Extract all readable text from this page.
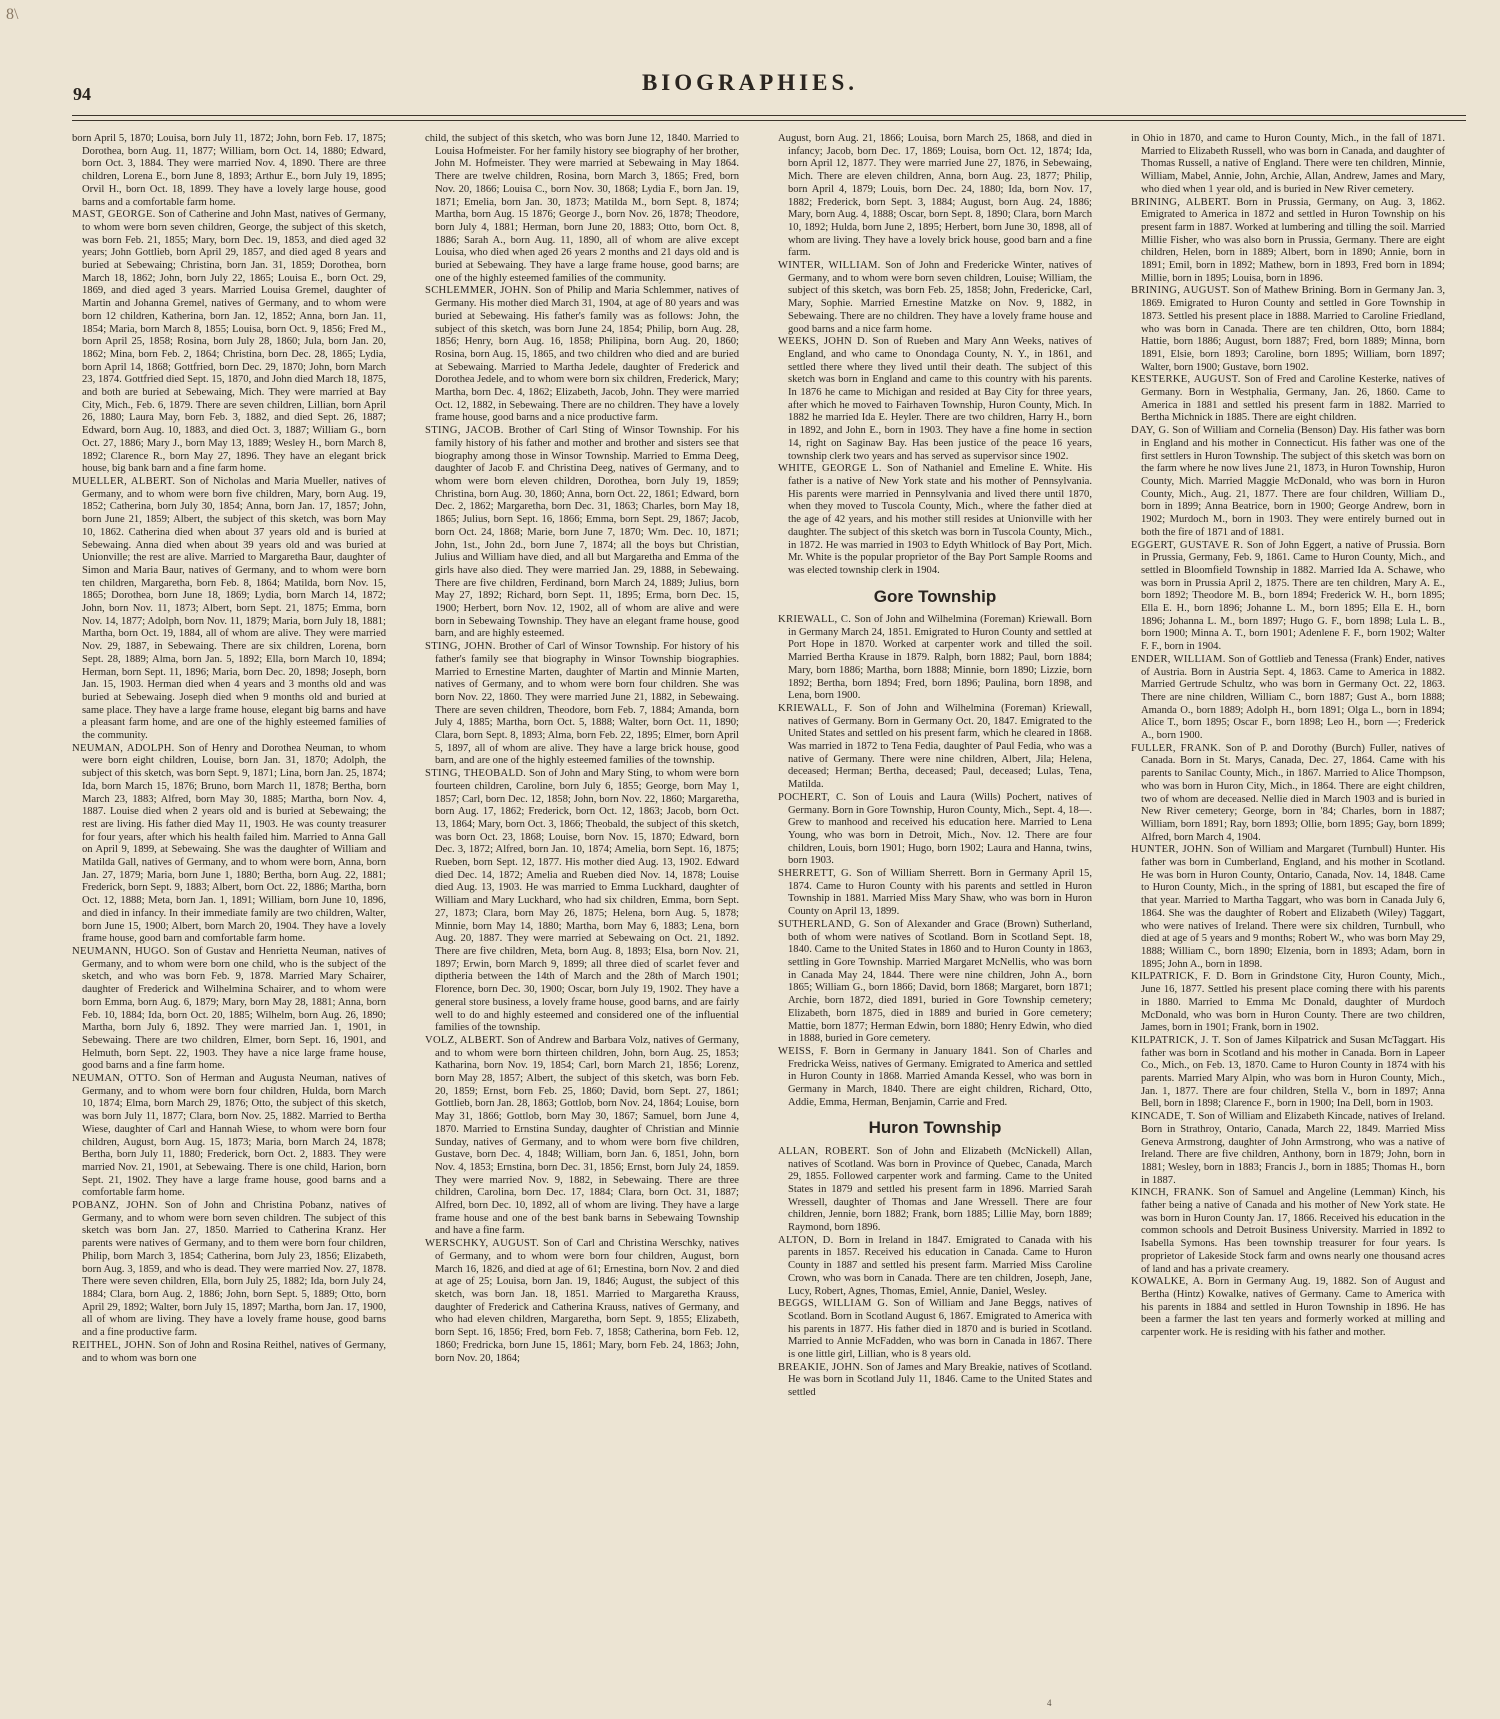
8\
94	BIOGRAPHIES.

born April 5, 1870; Louisa, born July 11, 1872; John, born Feb. 17, 1875; Dorothea, born Aug. 11, 1877; William, born Oct. 14, 1880; Edward, born Oct. 3, 1884. They were married Nov. 4, 1890. There are three children, Lorena E., born June 8, 1893; Arthur E., born July 19, 1895; Orvil H., born Oct. 18, 1899. They have a lovely large house, good barns and a comfortable farm home.

MAST, GEORGE. Son of Catherine and John Mast, natives of Germany, to whom were born seven children, George, the subject of this sketch, was born Feb. 21, 1855; Mary, born Dec. 19, 1853, and died aged 32 years; John Gottlieb, born April 29, 1857, and died aged 8 years and buried at Sebewaing; Christina, born Jan. 31, 1859; Dorothea, born March 18, 1862; John, born July 22, 1865; Louisa E., born Oct. 29, 1869, and died aged 3 years. Married Louisa Gremel, daughter of Martin and Johanna Gremel, natives of Germany, and to whom were born 12 children, Katherina, born Jan. 12, 1852; Anna, born Jan. 11, 1854; Maria, born March 8, 1855; Louisa, born Oct. 9, 1856; Fred M., born April 25, 1858; Rosina, born July 28, 1860; Jula, born Jan. 20, 1862; Mina, born Feb. 2, 1864; Christina, born Dec. 28, 1865; Lydia, born April 14, 1868; Gottfried, born Dec. 29, 1870; John, born March 23, 1874. Gottfried died Sept. 15, 1870, and John died March 18, 1875, and both are buried at Sebewaing, Mich. They were married at Bay City, Mich., Feb. 6, 1879. There are seven children, Lillian, born April 26, 1880; Laura May, born Feb. 3, 1882, and died Sept. 26, 1887; Edward, born Aug. 10, 1883, and died Oct. 3, 1887; William G., born Oct. 27, 1886; Mary J., born May 13, 1889; Wesley H., born March 8, 1892; Clarence R., born May 27, 1896. They have an elegant brick house, big bank barn and a fine farm home.

MUELLER, ALBERT. Son of Nicholas and Maria Mueller, natives of Germany, and to whom were born five children, Mary, born Aug. 19, 1852; Catherina, born July 30, 1854; Anna, born Jan. 17, 1857; John, born June 21, 1859; Albert, the subject of this sketch, was born May 10, 1862. Catherina died when about 37 years old and is buried at Sebewaing. Anna died when about 39 years old and was buried at Unionville; the rest are alive. Married to Margaretha Baur, daughter of Simon and Maria Baur, natives of Germany, and to whom were born ten children, Margaretha, born Feb. 8, 1864; Matilda, born Nov. 15, 1865; Dorothea, born June 18, 1869; Lydia, born March 14, 1872; John, born Nov. 11, 1873; Albert, born Sept. 21, 1875; Emma, born Nov. 14, 1877; Adolph, born Nov. 11, 1879; Maria, born July 18, 1881; Martha, born Oct. 19, 1884, all of whom are alive. They were married Nov. 29, 1887, in Sebewaing. There are six children, Lorena, born Sept. 28, 1889; Alma, born Jan. 5, 1892; Ella, born March 10, 1894; Herman, born Sept. 11, 1896; Maria, born Dec. 20, 1898; Joseph, born Jan. 15, 1903. Herman died when 4 years and 3 months old and was buried at Sebewaing. Joseph died when 9 months old and buried at same place. They have a large frame house, elegant big barns and have a pleasant farm home, and are one of the highly esteemed families of the community.

NEUMAN, ADOLPH. Son of Henry and Dorothea Neuman, to whom were born eight children, Louise, born Jan. 31, 1870; Adolph, the subject of this sketch, was born Sept. 9, 1871; Lina, born Jan. 25, 1874; Ida, born March 15, 1876; Bruno, born March 11, 1878; Bertha, born March 23, 1883; Alfred, born May 30, 1885; Martha, born Nov. 4, 1887. Louise died when 2 years old and is buried at Sebewaing; the rest are living. His father died May 11, 1903. He was county treasurer for four years, after which his health failed him. Married to Anna Gall on April 9, 1899, at Sebewaing. She was the daughter of William and Matilda Gall, natives of Germany, and to whom were born, Anna, born Jan. 27, 1879; Maria, born June 1, 1880; Bertha, born Aug. 22, 1881; Frederick, born Sept. 9, 1883; Albert, born Oct. 22, 1886; Martha, born Oct. 12, 1888; Meta, born Jan. 1, 1891; William, born June 10, 1896, and died in infancy. In their immediate family are two children, Walter, born June 15, 1900; Albert, born March 20, 1904. They have a lovely frame house, good barn and comfortable farm home.

NEUMANN, HUGO. Son of Gustav and Henrietta Neuman, natives of Germany, and to whom were born one child, who is the subject of the sketch, and who was born Feb. 9, 1878. Married Mary Schairer, daughter of Frederick and Wilhelmina Schairer, and to whom were born Emma, born Aug. 6, 1879; Mary, born May 28, 1881; Anna, born Feb. 10, 1884; Ida, born Oct. 20, 1885; Wilhelm, born Aug. 26, 1890; Martha, born July 6, 1892. They were married Jan. 1, 1901, in Sebewaing. There are two children, Elmer, born Sept. 16, 1901, and Helmuth, born Sept. 22, 1903. They have a nice large frame house, good barns and a fine farm home.

NEUMAN, OTTO. Son of Herman and Augusta Neuman, natives of Germany, and to whom were born four children, Hulda, born March 10, 1874; Elma, born March 29, 1876; Otto, the subject of this sketch, was born July 11, 1877; Clara, born Nov. 25, 1882. Married to Bertha Wiese, daughter of Carl and Hannah Wiese, to whom were born four children, August, born Aug. 15, 1873; Maria, born March 24, 1878; Bertha, born July 11, 1880; Frederick, born Oct. 2, 1883. They were married Nov. 21, 1901, at Sebewaing. There is one child, Harion, born Sept. 21, 1902. They have a large frame house, good barns and a comfortable farm home.

POBANZ, JOHN. Son of John and Christina Pobanz, natives of Germany, and to whom were born seven children. The subject of this sketch was born Jan. 27, 1850. Married to Catherina Kranz. Her parents were natives of Germany, and to them were born four children, Philip, born March 3, 1854; Catherina, born July 23, 1856; Elizabeth, born Aug. 3, 1859, and who is dead. They were married Nov. 27, 1878. There were seven children, Ella, born July 25, 1882; Ida, born July 24, 1884; Clara, born Aug. 2, 1886; John, born Sept. 5, 1889; Otto, born April 29, 1892; Walter, born July 15, 1897; Martha, born Jan. 17, 1900, all of whom are living. They have a lovely frame house, good barns and a fine productive farm.

REITHEL, JOHN. Son of John and Rosina Reithel, natives of Germany, and to whom was born one

child, the subject of this sketch, who was born June 12, 1840. Married to Louisa Hofmeister. For her family history see biography of her brother, John M. Hofmeister. They were married at Sebewaing in May 1864. There are twelve children, Rosina, born March 3, 1865; Fred, born Nov. 20, 1866; Louisa C., born Nov. 30, 1868; Lydia F., born Jan. 19, 1871; Emelia, born Jan. 30, 1873; Matilda M., born Sept. 8, 1874; Martha, born Aug. 15 1876; George J., born Nov. 26, 1878; Theodore, born July 4, 1881; Herman, born June 20, 1883; Otto, born Oct. 8, 1886; Sarah A., born Aug. 11, 1890, all of whom are alive except Louisa, who died when aged 26 years 2 months and 21 days old and is buried at Sebewaing. They have a large frame house, good barns; are one of the highly esteemed families of the community.

SCHLEMMER, JOHN. Son of Philip and Maria Schlemmer, natives of Germany. His mother died March 31, 1904, at age of 80 years and was buried at Sebewaing. His father's family was as follows: John, the subject of this sketch, was born June 24, 1854; Philip, born Aug. 28, 1856; Henry, born Aug. 16, 1858; Philipina, born Aug. 20, 1860; Rosina, born Aug. 15, 1865, and two children who died and are buried at Sebewaing. Married to Martha Jedele, daughter of Frederick and Dorothea Jedele, and to whom were born six children, Frederick, Mary; Martha, born Dec. 4, 1862; Elizabeth, Jacob, John. They were married Oct. 12, 1882, in Sebewaing. There are no children. They have a lovely frame house, good barns and a nice productive farm.

STING, JACOB. Brother of Carl Sting of Winsor Township. For his family history of his father and mother and brother and sisters see that biography among those in Winsor Township. Married to Emma Deeg, daughter of Jacob F. and Christina Deeg, natives of Germany, and to whom were born eleven children, Dorothea, born July 19, 1859; Christina, born Aug. 30, 1860; Anna, born Oct. 22, 1861; Edward, born Dec. 2, 1862; Margaretha, born Dec. 31, 1863; Charles, born May 18, 1865; Julius, born Sept. 16, 1866; Emma, born Sept. 29, 1867; Jacob, born Oct. 24, 1868; Marie, born June 7, 1870; Wm. Dec. 10, 1871; John, 1st., John 2d., born June 7, 1874; all the boys but Christian, Julius and William have died, and all but Margaretha and Emma of the girls have also died. They were married Jan. 29, 1888, in Sebewaing. There are five children, Ferdinand, born March 24, 1889; Julius, born May 27, 1892; Richard, born Sept. 11, 1895; Erma, born Dec. 15, 1900; Herbert, born Nov. 12, 1902, all of whom are alive and were born in Sebewaing Township. They have an elegant frame house, good barn, and are highly esteemed.

STING, JOHN. Brother of Carl of Winsor Township. For history of his father's family see that biography in Winsor Township biographies. Married to Ernestine Marten, daughter of Martin and Minnie Marten, natives of Germany, and to whom were born four children. She was born Nov. 22, 1860. They were married June 21, 1882, in Sebewaing. There are seven children, Theodore, born Feb. 7, 1884; Amanda, born July 4, 1885; Martha, born Oct. 5, 1888; Walter, born Oct. 11, 1890; Clara, born Sept. 8, 1893; Alma, born Feb. 22, 1895; Elmer, born April 5, 1897, all of whom are alive. They have a large brick house, good barn, and are one of the highly esteemed families of the township.

STING, THEOBALD. Son of John and Mary Sting, to whom were born fourteen children, Caroline, born July 6, 1855; George, born May 1, 1857; Carl, born Dec. 12, 1858; John, born Nov. 22, 1860; Margaretha, born Aug. 17, 1862; Frederick, born Oct. 12, 1863; Jacob, born Oct. 13, 1864; Mary, born Oct. 3, 1866; Theobald, the subject of this sketch, was born Oct. 23, 1868; Louise, born Nov. 15, 1870; Edward, born Dec. 3, 1872; Alfred, born Jan. 10, 1874; Amelia, born Sept. 16, 1875; Rueben, born Sept. 12, 1877. His mother died Aug. 13, 1902. Edward died Dec. 14, 1872; Amelia and Rueben died Nov. 14, 1878; Louise died Aug. 13, 1903. He was married to Emma Luckhard, daughter of William and Mary Luckhard, who had six children, Emma, born Sept. 27, 1873; Clara, born May 26, 1875; Helena, born Aug. 5, 1878; Minnie, born May 14, 1880; Martha, born May 6, 1883; Lena, born Aug. 20, 1887. They were married at Sebewaing on Oct. 21, 1892. There are five children, Meta, born Aug. 8, 1893; Elsa, born Nov. 21, 1897; Erwin, born March 9, 1899; all three died of scarlet fever and diptheria between the 14th of March and the 28th of March 1901; Florence, born Dec. 30, 1900; Oscar, born July 19, 1902. They have a general store business, a lovely frame house, good barns, and are fairly well to do and highly esteemed and considered one of the influential families of the township.

VOLZ, ALBERT. Son of Andrew and Barbara Volz, natives of Germany, and to whom were born thirteen children, John, born Aug. 25, 1853; Katharina, born Nov. 19, 1854; Carl, born March 21, 1856; Lorenz, born May 28, 1857; Albert, the subject of this sketch, was born Feb. 20, 1859; Ernst, born Feb. 25, 1860; David, born Sept. 27, 1861; Gottlieb, born Jan. 28, 1863; Gottlob, born Nov. 24, 1864; Louise, born May 31, 1866; Gottlob, born May 30, 1867; Samuel, born June 4, 1870. Married to Ernstina Sunday, daughter of Christian and Minnie Sunday, natives of Germany, and to whom were born five children, Gustave, born Dec. 4, 1848; William, born Jan. 6, 1851, John, born Nov. 4, 1853; Ernstina, born Dec. 31, 1856; Ernst, born July 24, 1859. They were married Nov. 9, 1882, in Sebewaing. There are three children, Carolina, born Dec. 17, 1884; Clara, born Oct. 31, 1887; Alfred, born Dec. 10, 1892, all of whom are living. They have a large frame house and one of the best bank barns in Sebewaing Township and have a fine farm.

WERSCHKY, AUGUST. Son of Carl and Christina Werschky, natives of Germany, and to whom were born four children, August, born March 16, 1826, and died at age of 61; Ernestina, born Nov. 2 and died at age of 25; Louisa, born Jan. 19, 1846; August, the subject of this sketch, was born Jan. 18, 1851. Married to Margaretha Krauss, daughter of Frederick and Catherina Krauss, natives of Germany, and who had eleven children, Margaretha, born Sept. 9, 1855; Elizabeth, born Sept. 16, 1856; Fred, born Feb. 7, 1858; Catherina, born Feb. 12, 1860; Fredricka, born June 15, 1861; Mary, born Feb. 24, 1863; John, born Nov. 20, 1864;

August, born Aug. 21, 1866; Louisa, born March 25, 1868, and died in infancy; Jacob, born Dec. 17, 1869; Louisa, born Oct. 12, 1874; Ida, born April 12, 1877. They were married June 27, 1876, in Sebewaing, Mich. There are eleven children, Anna, born Aug. 23, 1877; Philip, born April 4, 1879; Louis, born Dec. 24, 1880; Ida, born Nov. 17, 1882; Frederick, born Sept. 3, 1884; August, born Aug. 24, 1886; Mary, born Aug. 4, 1888; Oscar, born Sept. 8, 1890; Clara, born March 10, 1892; Hulda, born June 2, 1895; Herbert, born June 30, 1898, all of whom are living. They have a lovely brick house, good barn and a fine farm.

WINTER, WILLIAM. Son of John and Fredericke Winter, natives of Germany, and to whom were born seven children, Louise; William, the subject of this sketch, was born Feb. 25, 1858; John, Fredericke, Carl, Mary, Sophie. Married Ernestine Matzke on Nov. 9, 1882, in Sebewaing. There are no children. They have a lovely frame house and good barns and a nice farm home.

WEEKS, JOHN D. Son of Rueben and Mary Ann Weeks, natives of England, and who came to Onondaga County, N. Y., in 1861, and settled there where they lived until their death. The subject of this sketch was born in England and came to this country with his parents. In 1876 he came to Michigan and resided at Bay City for three years, after which he moved to Fairhaven Township, Huron County, Mich. In 1882 he married Ida E. Heyler. There are two children, Harry H., born in 1892, and John E., born in 1903. They have a fine home in section 14, right on Saginaw Bay. Has been justice of the peace 16 years, township clerk two years and has served as supervisor since 1902.

WHITE, GEORGE L. Son of Nathaniel and Emeline E. White. His father is a native of New York state and his mother of Pennsylvania. His parents were married in Pennsylvania and lived there until 1870, when they moved to Tuscola County, Mich., where the father died at the age of 42 years, and his mother still resides at Unionville with her daughter. The subject of this sketch was born in Tuscola County, Mich., in 1872. He was married in 1903 to Edyth Whitlock of Bay Port, Mich. Mr. White is the popular proprietor of the Bay Port Sample Rooms and was elected township clerk in 1904.

Gore Township

KRIEWALL, C. Son of John and Wilhelmina (Foreman) Kriewall. Born in Germany March 24, 1851. Emigrated to Huron County and settled at Port Hope in 1870. Worked at carpenter work and tilled the soil. Married Bertha Krause in 1879. Ralph, born 1882; Paul, born 1884; Mary, born 1886; Martha, born 1888; Minnie, born 1890; Lizzie, born 1892; Bertha, born 1894; Fred, born 1896; Paulina, born 1898, and Lena, born 1900.

KRIEWALL, F. Son of John and Wilhelmina (Foreman) Kriewall, natives of Germany. Born in Germany Oct. 20, 1847. Emigrated to the United States and settled on his present farm, which he cleared in 1868. Was married in 1872 to Tena Fedia, daughter of Paul Fedia, who was a native of Germany. There were nine children, Albert, Jila; Helena, deceased; Herman; Bertha, deceased; Paul, deceased; Lulas, Tena, Matilda.

POCHERT, C. Son of Louis and Laura (Wills) Pochert, natives of Germany. Born in Gore Township, Huron County, Mich., Sept. 4, 18—. Grew to manhood and received his education here. Married to Lena Young, who was born in Detroit, Mich., Nov. 12. There are four children, Louis, born 1901; Hugo, born 1902; Laura and Hanna, twins, born 1903.

SHERRETT, G. Son of William Sherrett. Born in Germany April 15, 1874. Came to Huron County with his parents and settled in Huron Township in 1881. Married Miss Mary Shaw, who was born in Huron County on April 13, 1899.

SUTHERLAND, G. Son of Alexander and Grace (Brown) Sutherland, both of whom were natives of Scotland. Born in Scotland Sept. 18, 1840. Came to the United States in 1860 and to Huron County in 1863, settling in Gore Township. Married Margaret McNellis, who was born in Canada May 24, 1844. There were nine children, John A., born 1865; William G., born 1866; David, born 1868; Margaret, born 1871; Archie, born 1872, died 1891, buried in Gore Township cemetery; Elizabeth, born 1875, died in 1889 and buried in Gore cemetery; Mattie, born 1877; Herman Edwin, born 1880; Henry Edwin, who died in 1888, buried in Gore cemetery.

WEISS, F. Born in Germany in January 1841. Son of Charles and Fredricka Weiss, natives of Germany. Emigrated to America and settled in Huron County in 1868. Married Amanda Kessel, who was born in Germany in March, 1840. There are eight children, Richard, Otto, Addie, Emma, Herman, Benjamin, Carrie and Fred.

Huron Township

ALLAN, ROBERT. Son of John and Elizabeth (McNickell) Allan, natives of Scotland. Was born in Province of Quebec, Canada, March 29, 1855. Followed carpenter work and farming. Came to the United States in 1879 and settled his present farm in 1896. Married Sarah Wressell, daughter of Thomas and Jane Wressell. There are four children, Jennie, born 1882; Frank, born 1885; Lillie May, born 1889; Raymond, born 1896.

ALTON, D. Born in Ireland in 1847. Emigrated to Canada with his parents in 1857. Received his education in Canada. Came to Huron County in 1887 and settled his present farm. Married Miss Caroline Crown, who was born in Canada. There are ten children, Joseph, Jane, Lucy, Robert, Agnes, Thomas, Emiel, Annie, Daniel, Wesley.

BEGGS, WILLIAM G. Son of William and Jane Beggs, natives of Scotland. Born in Scotland August 6, 1867. Emigrated to America with his parents in 1877. His father died in 1870 and is buried in Scotland. Married to Annie McFadden, who was born in Canada in 1867. There is one little girl, Lillian, who is 8 years old.

BREAKIE, JOHN. Son of James and Mary Breakie, natives of Scotland. He was born in Scotland July 11, 1846. Came to the United States and settled

in Ohio in 1870, and came to Huron County, Mich., in the fall of 1871. Married to Elizabeth Russell, who was born in Canada, and daughter of Thomas Russell, a native of England. There were ten children, Minnie, William, Mabel, Annie, John, Archie, Allan, Andrew, James and Mary, who died when 1 year old, and is buried in New River cemetery.

BRINING, ALBERT. Born in Prussia, Germany, on Aug. 3, 1862. Emigrated to America in 1872 and settled in Huron Township on his present farm in 1887. Worked at lumbering and tilling the soil. Married Millie Fisher, who was also born in Prussia, Germany. There are eight children, Helen, born in 1889; Albert, born in 1890; Annie, born in 1891; Emil, born in 1892; Mathew, born in 1893, Fred born in 1894; Millie, born in 1895; Louisa, born in 1896.

BRINING, AUGUST. Son of Mathew Brining. Born in Germany Jan. 3, 1869. Emigrated to Huron County and settled in Gore Township in 1873. Settled his present place in 1888. Married to Caroline Friedland, who was born in Canada. There are ten children, Otto, born 1884; Hattie, born 1886; August, born 1887; Fred, born 1889; Minna, born 1891, Elsie, born 1893; Caroline, born 1895; William, born 1897; Walter, born 1900; Gustave, born 1902.

KESTERKE, AUGUST. Son of Fred and Caroline Kesterke, natives of Germany. Born in Westphalia, Germany, Jan. 26, 1860. Came to America in 1881 and settled his present farm in 1882. Married to Bertha Michnick in 1885. There are eight children.

DAY, G. Son of William and Cornelia (Benson) Day. His father was born in England and his mother in Connecticut. His father was one of the first settlers in Huron Township. The subject of this sketch was born on the farm where he now lives June 21, 1873, in Huron Township, Huron County, Mich. Married Maggie McDonald, who was born in Huron County, Mich., Aug. 21, 1877. There are four children, William D., born in 1899; Anna Beatrice, born in 1900; George Andrew, born in 1902; Murdoch M., born in 1903. They were entirely burned out in both the fire of 1871 and of 1881.

EGGERT, GUSTAVE R. Son of John Eggert, a native of Prussia. Born in Prussia, Germany, Feb. 9, 1861. Came to Huron County, Mich., and settled in Bloomfield Township in 1882. Married Ida A. Schawe, who was born in Prussia April 2, 1875. There are ten children, Mary A. E., born 1892; Theodore M. B., born 1894; Frederick W. H., born 1895; Ella E. H., born 1896; Johanne L. M., born 1895; Ella E. H., born 1896; Johanna L. M., born 1897; Hugo G. F., born 1898; Lula L. B., born 1900; Minna A. T., born 1901; Adenlene F. F., born 1902; Walter F. F., born in 1904.

ENDER, WILLIAM. Son of Gottlieb and Tenessa (Frank) Ender, natives of Austria. Born in Austria Sept. 4, 1863. Came to America in 1882. Married Gertrude Schultz, who was born in Germany Oct. 22, 1863. There are nine children, William C., born 1887; Gust A., born 1888; Amanda O., born 1889; Adolph H., born 1891; Olga L., born in 1894; Alice T., born 1895; Oscar F., born 1898; Leo H., born —; Frederick A., born 1900.

FULLER, FRANK. Son of P. and Dorothy (Burch) Fuller, natives of Canada. Born in St. Marys, Canada, Dec. 27, 1864. Came with his parents to Sanilac County, Mich., in 1867. Married to Alice Thompson, who was born in Huron City, Mich., in 1864. There are eight children, two of whom are deceased. Nellie died in March 1903 and is buried in New River cemetery; George, born in '84; Charles, born in 1887; William, born 1891; Ray, born 1893; Ollie, born 1895; Gay, born 1899; Alfred, born March 4, 1904.

HUNTER, JOHN. Son of William and Margaret (Turnbull) Hunter. His father was born in Cumberland, England, and his mother in Scotland. He was born in Huron County, Ontario, Canada, Nov. 14, 1848. Came to Huron County, Mich., in the spring of 1881, but escaped the fire of that year. Married to Martha Taggart, who was born in Canada July 6, 1864. She was the daughter of Robert and Elizabeth (Wiley) Taggart, who were natives of Ireland. There were six children, Turnbull, who died at age of 5 years and 9 months; Robert W., who was born May 29, 1888; William C., born 1890; Elzenia, born in 1893; Adam, born in 1895; John A., born in 1898.

KILPATRICK, F. D. Born in Grindstone City, Huron County, Mich., June 16, 1877. Settled his present place coming there with his parents in 1880. Married to Emma Mc Donald, daughter of Murdoch McDonald, who was born in Huron County. There are two children, James, born in 1901; Frank, born in 1902.

KILPATRICK, J. T. Son of James Kilpatrick and Susan McTaggart. His father was born in Scotland and his mother in Canada. Born in Lapeer Co., Mich., on Feb. 13, 1870. Came to Huron County in 1874 with his parents. Married Mary Alpin, who was born in Huron County, Mich., Jan. 1, 1877. There are four children, Stella V., born in 1897; Anna Bell, born in 1898; Clarence F., born in 1900; Ina Dell, born in 1903.

KINCADE, T. Son of William and Elizabeth Kincade, natives of Ireland. Born in Strathroy, Ontario, Canada, March 22, 1849. Married Miss Geneva Armstrong, daughter of John Armstrong, who was a native of Ireland. There are five children, Anthony, born in 1879; John, born in 1881; Wesley, born in 1883; Francis J., born in 1885; Thomas H., born in 1887.

KINCH, FRANK. Son of Samuel and Angeline (Lemman) Kinch, his father being a native of Canada and his mother of New York state. He was born in Huron County Jan. 17, 1866. Received his education in the common schools and Detroit Business University. Married in 1892 to Isabella Symons. Has been township treasurer for four years. Is proprietor of Lakeside Stock farm and owns nearly one thousand acres of land and has a private creamery.

KOWALKE, A. Born in Germany Aug. 19, 1882. Son of August and Bertha (Hintz) Kowalke, natives of Germany. Came to America with his parents in 1884 and settled in Huron Township in 1896. He has been a farmer the last ten years and formerly worked at milling and carpenter work. He is residing with his father and mother.

4
